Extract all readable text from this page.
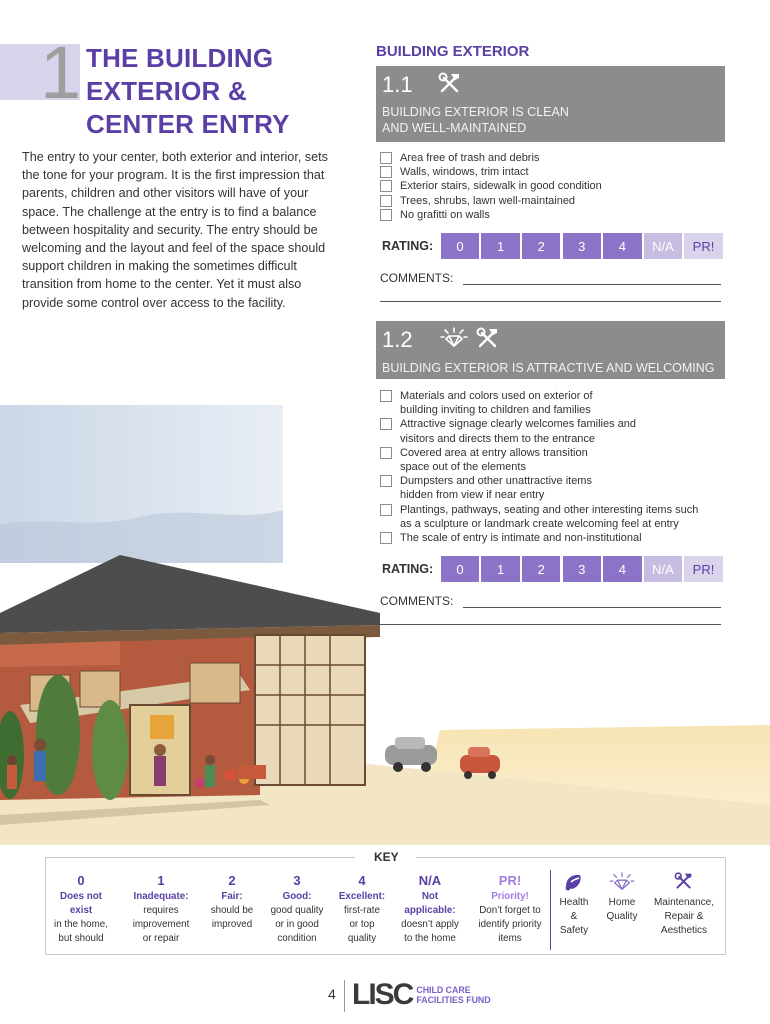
1 THE BUILDING
EXTERIOR &
CENTER ENTRY

The entry to your center, both exterior and interior, sets the tone for your program. It is the first impression that parents, children and other visitors will have of your space. The challenge at the entry is to find a balance between hospitality and security. The entry should be welcoming and the layout and feel of the space should support children in making the sometimes difficult transition from home to the center. Yet it must also provide some control over access to the facility.

BUILDING EXTERIOR
1.1
BUILDING EXTERIOR IS CLEAN
AND WELL-MAINTAINED
Area free of trash and debris
Walls, windows, trim intact
Exterior stairs, sidewalk in good condition
Trees, shrubs, lawn well-maintained
No grafitti on walls
RATING:	0	1	2	3	4	N/A	PR!
COMMENTS:
1.2
BUILDING EXTERIOR IS ATTRACTIVE AND WELCOMING
Materials and colors used on exterior of
building inviting to children and families
Attractive signage clearly welcomes families and
visitors and directs them to the entrance
Covered area at entry allows transition
space out of the elements
Dumpsters and other unattractive items
hidden from view if near entry
Plantings, pathways, seating and other interesting items such
as a sculpture or landmark create welcoming feel at entry
The scale of entry is intimate and non-institutional
RATING:	0	1	2	3	4	N/A	PR!
COMMENTS:
KEY
0
Does not
exist
in the home,
but should
1
Inadequate:
requires
improvement
or repair
2
Fair:
should be
improved
3
Good:
good quality
or in good
condition
4
Excellent:
first-rate
or top
quality
N/A
Not
applicable:
doesn’t apply
to the home
PR!
Priority!
Don’t forget to
identify priority
items
Health
&
Safety
Home
Quality
Maintenance,
Repair &
Aesthetics
4 LISC CHILD CARE
FACILITIES FUND
